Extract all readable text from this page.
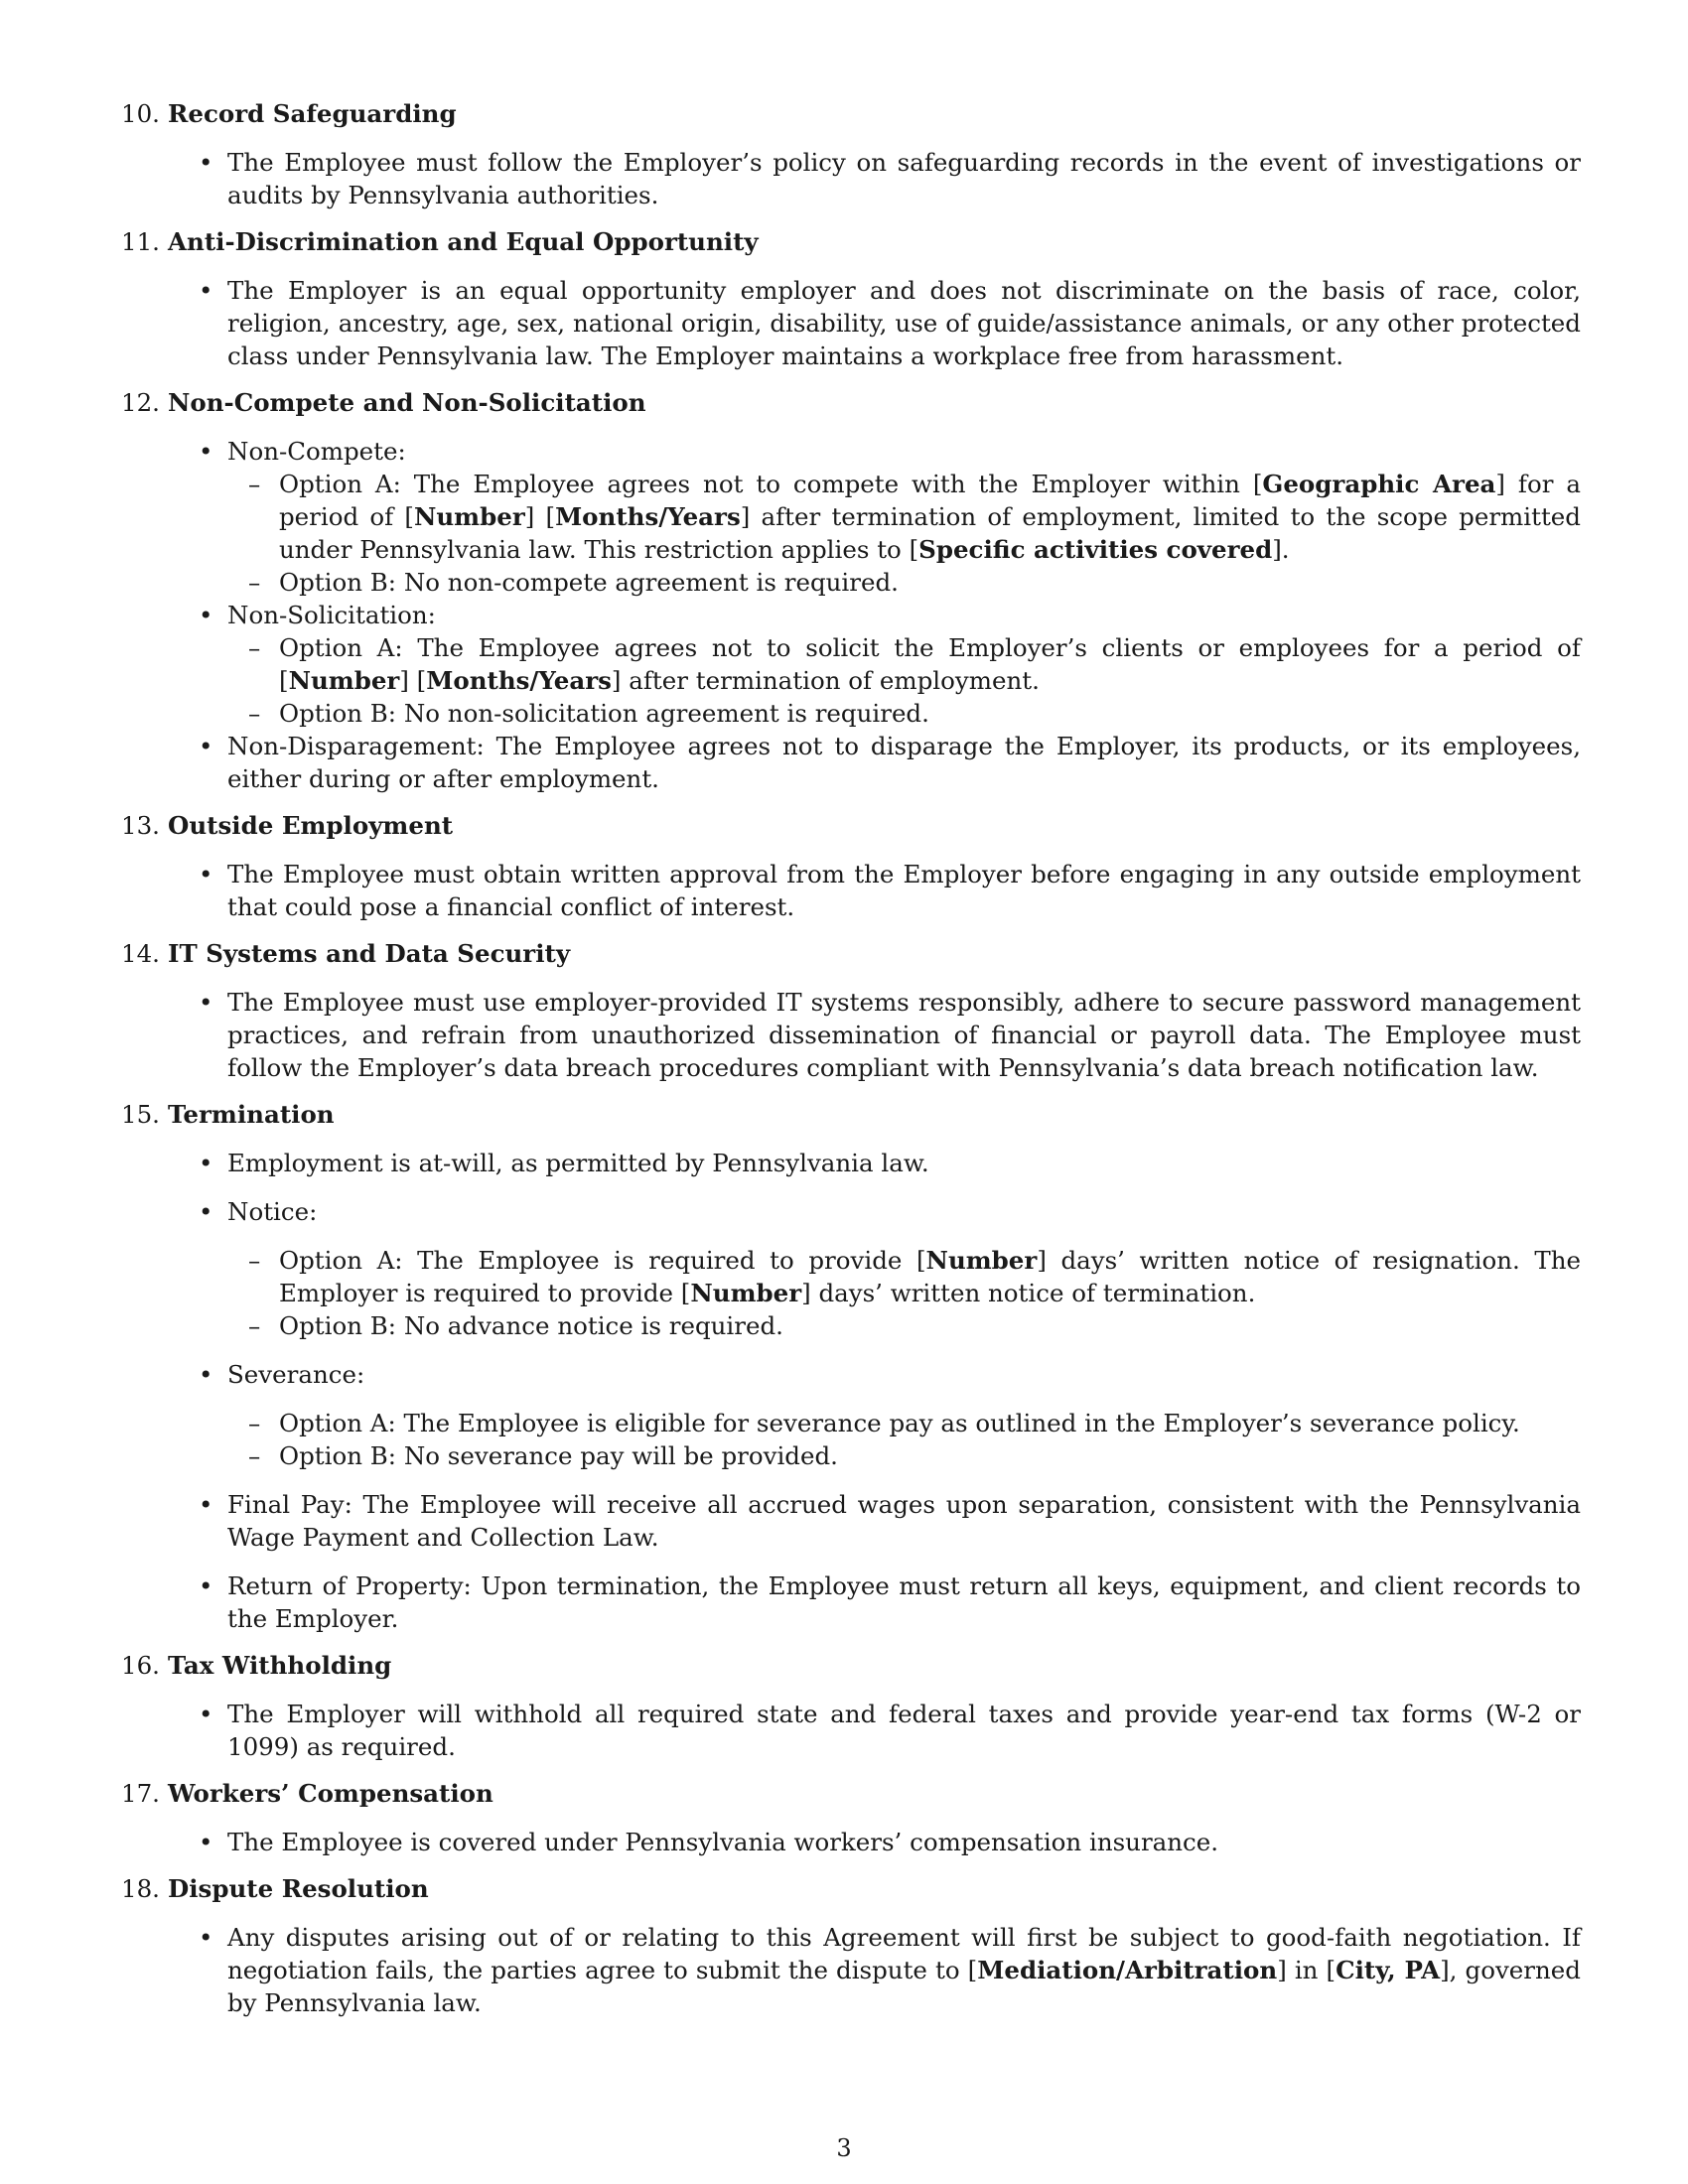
10. Record Safeguarding
• The Employee must follow the Employer’s policy on safeguarding records in the event of investigations or audits by Pennsylvania authorities.
11. Anti-Discrimination and Equal Opportunity
• The Employer is an equal opportunity employer and does not discriminate on the basis of race, color, religion, ancestry, age, sex, national origin, disability, use of guide/assistance animals, or any other protected class under Pennsylvania law. The Employer maintains a workplace free from harassment.
12. Non-Compete and Non-Solicitation
• Non-Compete:
– Option A: The Employee agrees not to compete with the Employer within [Geographic Area] for a period of [Number] [Months/Years] after termination of employment, limited to the scope permitted under Pennsylvania law. This restriction applies to [Specific activities covered].
– Option B: No non-compete agreement is required.
• Non-Solicitation:
– Option A: The Employee agrees not to solicit the Employer’s clients or employees for a period of [Number] [Months/Years] after termination of employment.
– Option B: No non-solicitation agreement is required.
• Non-Disparagement: The Employee agrees not to disparage the Employer, its products, or its employees, either during or after employment.
13. Outside Employment
• The Employee must obtain written approval from the Employer before engaging in any outside employment that could pose a financial conflict of interest.
14. IT Systems and Data Security
• The Employee must use employer-provided IT systems responsibly, adhere to secure password management practices, and refrain from unauthorized dissemination of financial or payroll data. The Employee must follow the Employer’s data breach procedures compliant with Pennsylvania’s data breach notification law.
15. Termination
• Employment is at-will, as permitted by Pennsylvania law.
• Notice:
– Option A: The Employee is required to provide [Number] days’ written notice of resignation. The Employer is required to provide [Number] days’ written notice of termination.
– Option B: No advance notice is required.
• Severance:
– Option A: The Employee is eligible for severance pay as outlined in the Employer’s severance policy.
– Option B: No severance pay will be provided.
• Final Pay: The Employee will receive all accrued wages upon separation, consistent with the Pennsylvania Wage Payment and Collection Law.
• Return of Property: Upon termination, the Employee must return all keys, equipment, and client records to the Employer.
16. Tax Withholding
• The Employer will withhold all required state and federal taxes and provide year-end tax forms (W-2 or 1099) as required.
17. Workers’ Compensation
• The Employee is covered under Pennsylvania workers’ compensation insurance.
18. Dispute Resolution
• Any disputes arising out of or relating to this Agreement will first be subject to good-faith negotiation. If negotiation fails, the parties agree to submit the dispute to [Mediation/Arbitration] in [City, PA], governed by Pennsylvania law.
3
